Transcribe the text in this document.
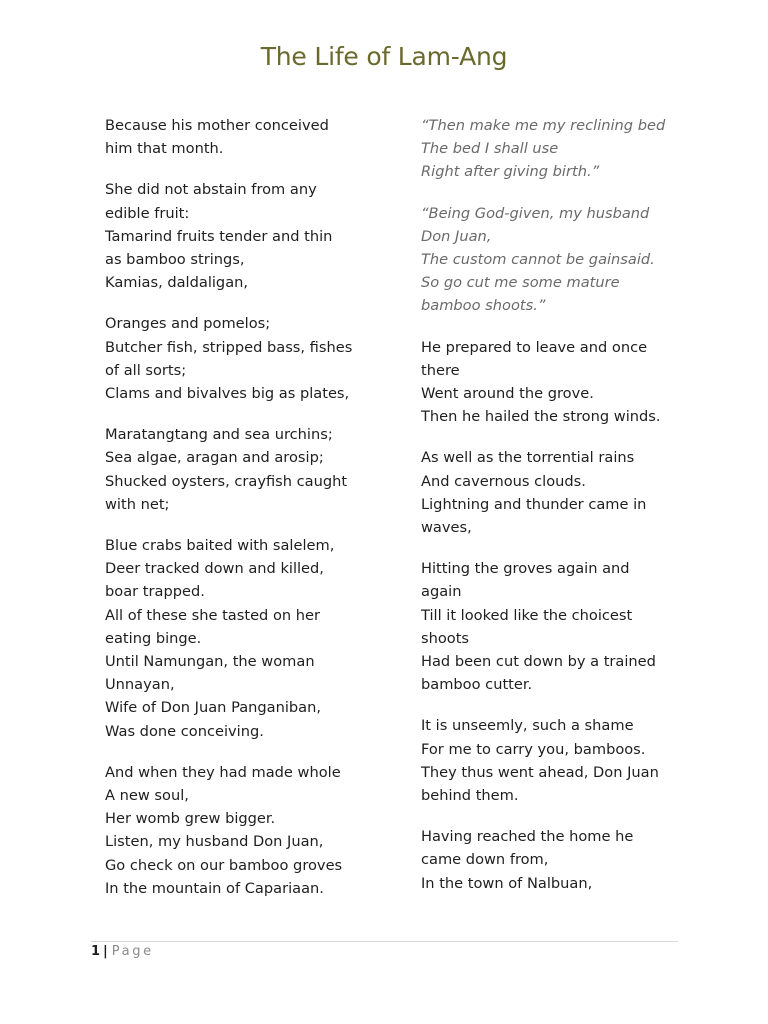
The Life of Lam-Ang
Because his mother conceived
him that month.
She did not abstain from any
edible fruit:
Tamarind fruits tender and thin
as bamboo strings,
Kamias, daldaligan,
Oranges and pomelos;
Butcher fish, stripped bass, fishes
of all sorts;
Clams and bivalves big as plates,
Maratangtang and sea urchins;
Sea algae, aragan and arosip;
Shucked oysters, crayfish caught
with net;
Blue crabs baited with salelem,
Deer tracked down and killed,
boar trapped.
All of these she tasted on her
eating binge.
Until Namungan, the woman
Unnayan,
Wife of Don Juan Panganiban,
Was done conceiving.
And when they had made whole
A new soul,
Her womb grew bigger.
Listen, my husband Don Juan,
Go check on our bamboo groves
In the mountain of Capariaan.
“Then make me my reclining bed
The bed I shall use
Right after giving birth.”
“Being God-given, my husband
Don Juan,
The custom cannot be gainsaid.
So go cut me some mature
bamboo shoots.”
He prepared to leave and once
there
Went around the grove.
Then he hailed the strong winds.
As well as the torrential rains
And cavernous clouds.
Lightning and thunder came in
waves,
Hitting the groves again and
again
Till it looked like the choicest
shoots
Had been cut down by a trained
bamboo cutter.
It is unseemly, such a shame
For me to carry you, bamboos.
They thus went ahead, Don Juan
behind them.
Having reached the home he
came down from,
In the town of Nalbuan,
1 | Page
